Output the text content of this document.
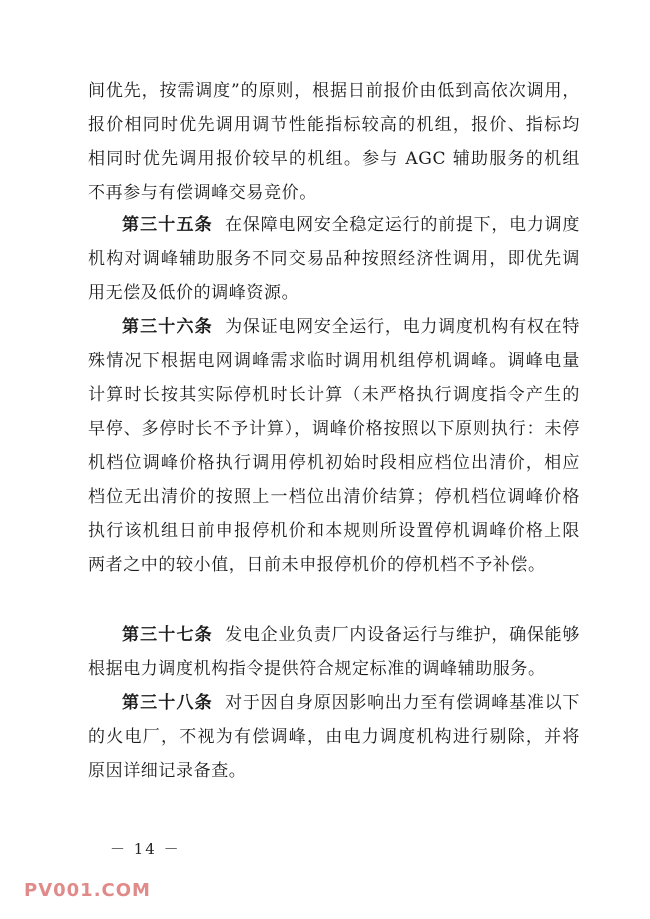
间优先，按需调度”的原则，根据日前报价由低到高依次调用，报价相同时优先调用调节性能指标较高的机组，报价、指标均相同时优先调用报价较早的机组。参与 AGC 辅助服务的机组不再参与有偿调峰交易竞价。

第三十五条 在保障电网安全稳定运行的前提下，电力调度机构对调峰辅助服务不同交易品种按照经济性调用，即优先调用无偿及低价的调峰资源。

第三十六条 为保证电网安全运行，电力调度机构有权在特殊情况下根据电网调峰需求临时调用机组停机调峰。调峰电量计算时长按其实际停机时长计算（未严格执行调度指令产生的早停、多停时长不予计算），调峰价格按照以下原则执行：未停机档位调峰价格执行调用停机初始时段相应档位出清价，相应档位无出清价的按照上一档位出清价结算；停机档位调峰价格执行该机组日前申报停机价和本规则所设置停机调峰价格上限两者之中的较小值，日前未申报停机价的停机档不予补偿。

第三十七条 发电企业负责厂内设备运行与维护，确保能够根据电力调度机构指令提供符合规定标准的调峰辅助服务。

第三十八条 对于因自身原因影响出力至有偿调峰基准以下的火电厂，不视为有偿调峰，由电力调度机构进行剔除，并将原因详细记录备查。

－ 14 －
PV001.COM
